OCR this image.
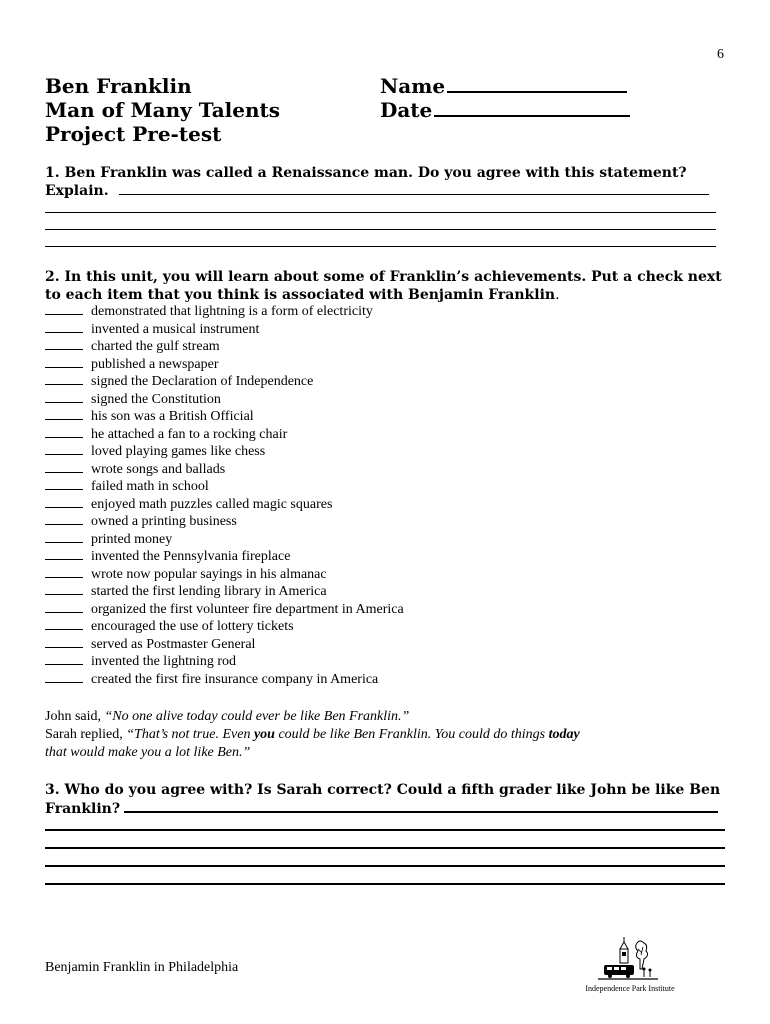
6
Ben Franklin
Man of Many Talents
Project Pre-test
Name
Date
1. Ben Franklin was called a Renaissance man. Do you agree with this statement?
Explain.
2. In this unit, you will learn about some of Franklin’s achievements. Put a check next
to each item that you think is associated with Benjamin Franklin.
demonstrated that lightning is a form of electricity
invented a musical instrument
charted the gulf stream
published a newspaper
signed the Declaration of Independence
signed the Constitution
his son was a British Official
he attached a fan to a rocking chair
loved playing games like chess
wrote songs and ballads
failed math in school
enjoyed math puzzles called magic squares
owned a printing business
printed money
invented the Pennsylvania fireplace
wrote now popular sayings in his almanac
started the first lending library in America
organized the first volunteer fire department in America
encouraged the use of lottery tickets
served as Postmaster General
invented the lightning rod
created the first fire insurance company in America
John said, “No one alive today could ever be like Ben Franklin.”
Sarah replied, “That’s not true. Even you could be like Ben Franklin. You could do things today
that would make you a lot like Ben.”
3. Who do you agree with? Is Sarah correct? Could a fifth grader like John be like Ben
Franklin?
Benjamin Franklin in Philadelphia
Independence Park Institute
